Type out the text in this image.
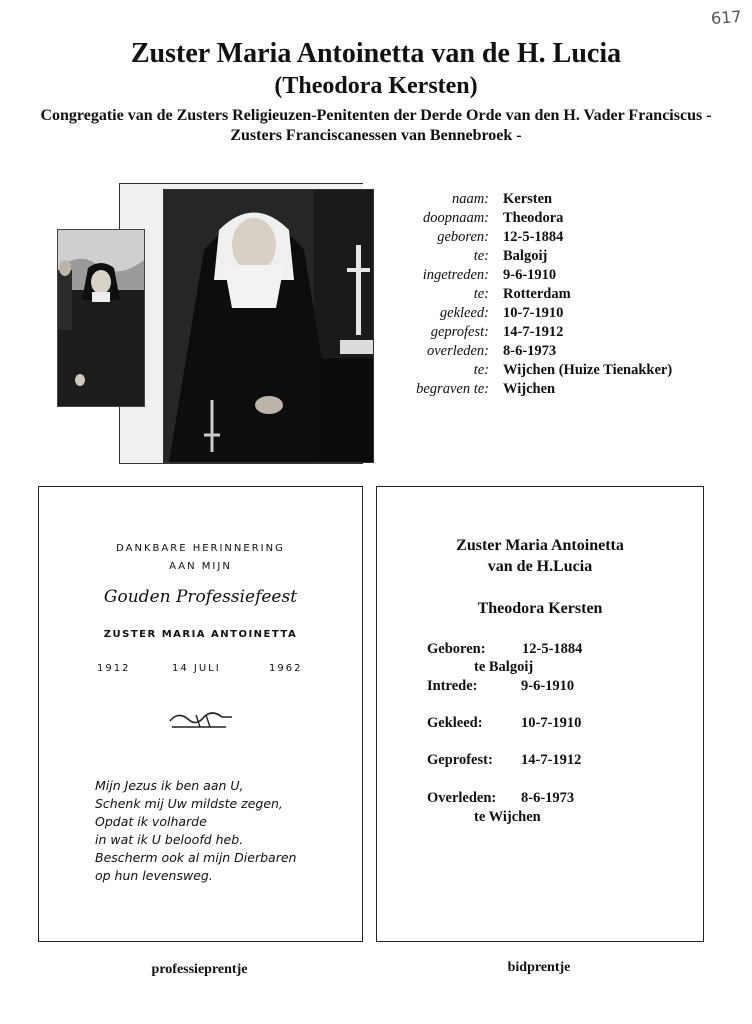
617
Zuster Maria Antoinetta van de H. Lucia
(Theodora Kersten)
Congregatie van de Zusters Religieuzen-Penitenten der Derde Orde van den H. Vader Franciscus - Zusters Franciscanessen van Bennebroek -
naam: Kersten
doopnaam: Theodora
geboren: 12-5-1884
te: Balgoij
ingetreden: 9-6-1910
te: Rotterdam
gekleed: 10-7-1910
geprofest: 14-7-1912
overleden: 8-6-1973
te: Wijchen (Huize Tienakker)
begraven te: Wijchen
DANKBARE HERINNERING
AAN MIJN
Gouden Professiefeest
ZUSTER MARIA ANTOINETTA
1912	14 JULI	1962
Mijn Jezus ik ben aan U,
Schenk mij Uw mildste zegen,
Opdat ik volharde
in wat ik U beloofd heb.
Bescherm ook al mijn Dierbaren
op hun levensweg.
Zuster Maria Antoinetta
van de H.Lucia
Theodora Kersten
Geboren:	12-5-1884
te Balgoij
Intrede:	9-6-1910
Gekleed:	10-7-1910
Geprofest: 14-7-1912
Overleden: 8-6-1973
te Wijchen
professieprentje	bidprentje
